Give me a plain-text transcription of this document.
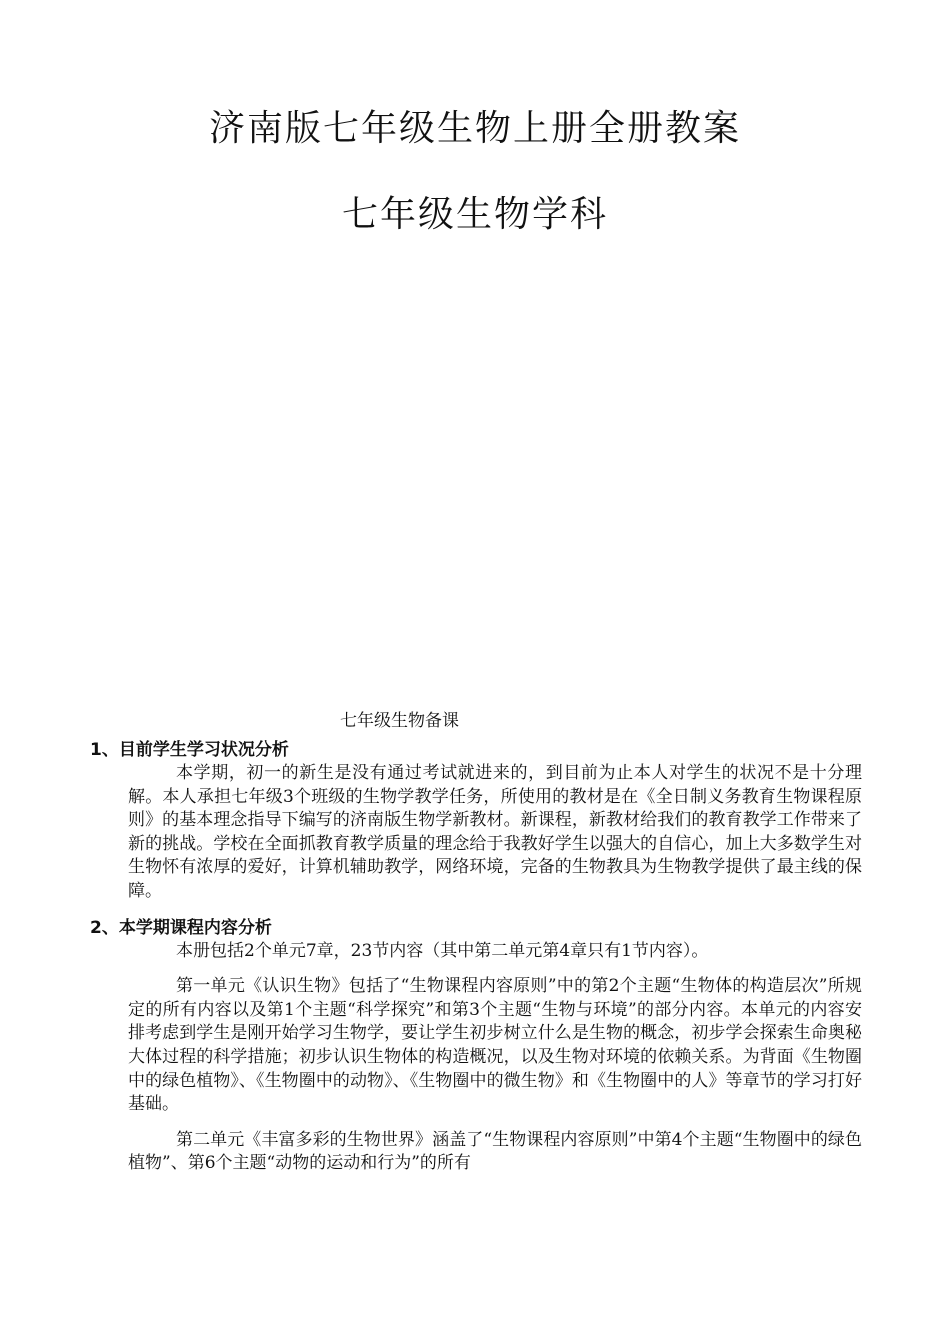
济南版七年级生物上册全册教案
七年级生物学科
七年级生物备课

1、目前学生学习状况分析

本学期，初一的新生是没有通过考试就进来的，到目前为止本人对学生的状况不是十分理解。本人承担七年级3个班级的生物学教学任务，所使用的教材是在《全日制义务教育生物课程原则》的基本理念指导下编写的济南版生物学新教材。新课程，新教材给我们的教育教学工作带来了新的挑战。学校在全面抓教育教学质量的理念给于我教好学生以强大的自信心，加上大多数学生对生物怀有浓厚的爱好，计算机辅助教学，网络环境，完备的生物教具为生物教学提供了最主线的保障。

2、本学期课程内容分析

本册包括2个单元7章，23节内容（其中第二单元第4章只有1节内容）。

第一单元《认识生物》包括了“生物课程内容原则”中的第2个主题“生物体的构造层次”所规定的所有内容以及第1个主题“科学探究”和第3个主题“生物与环境”的部分内容。本单元的内容安排考虑到学生是刚开始学习生物学，要让学生初步树立什么是生物的概念，初步学会探索生命奥秘大体过程的科学措施；初步认识生物体的构造概况，以及生物对环境的依赖关系。为背面《生物圈中的绿色植物》、《生物圈中的动物》、《生物圈中的微生物》和《生物圈中的人》等章节的学习打好基础。

第二单元《丰富多彩的生物世界》涵盖了“生物课程内容原则”中第4个主题“生物圈中的绿色植物”、第6个主题“动物的运动和行为”的所有
